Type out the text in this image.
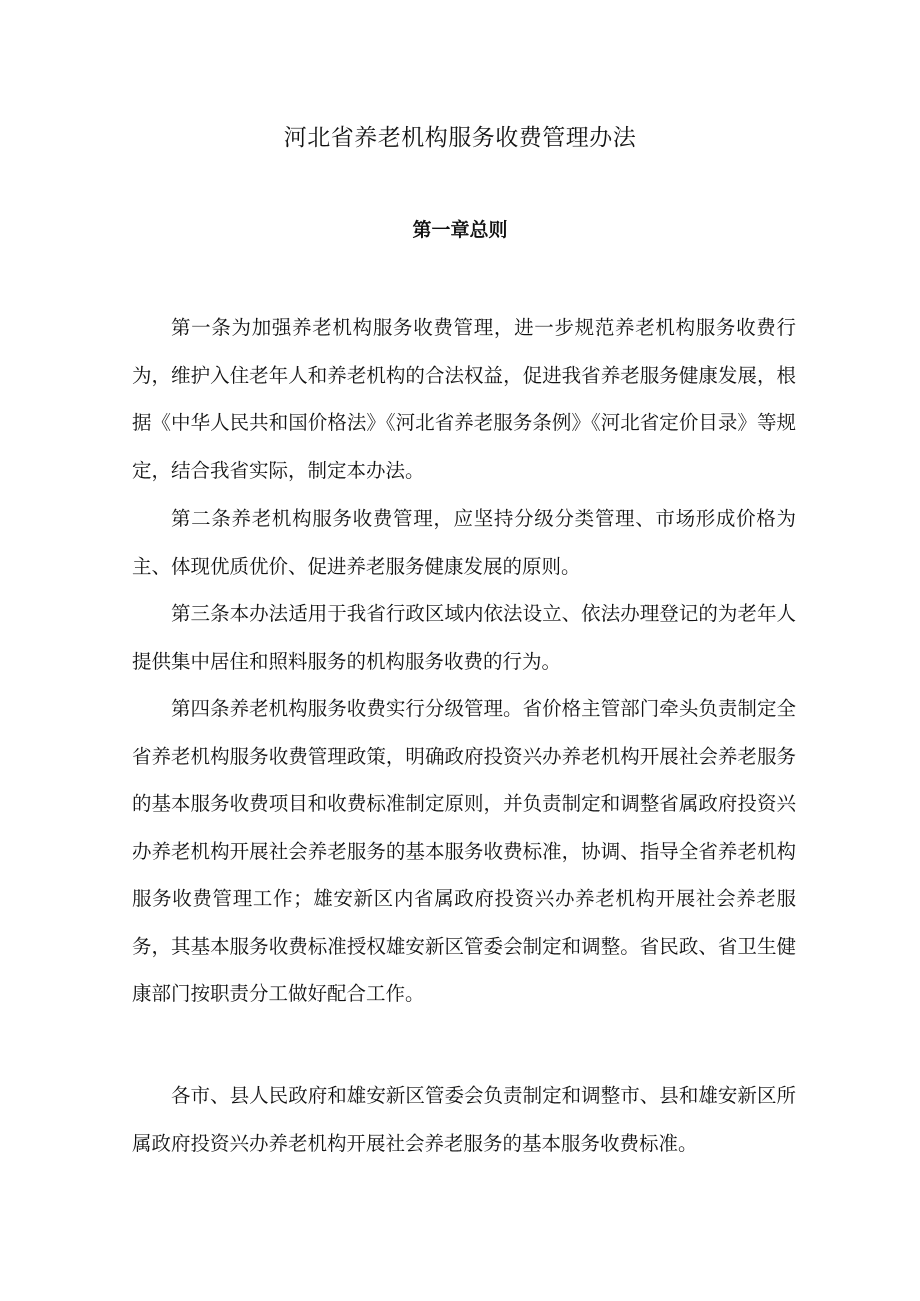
河北省养老机构服务收费管理办法
第一章总则

第一条为加强养老机构服务收费管理，进一步规范养老机构服务收费行为，维护入住老年人和养老机构的合法权益，促进我省养老服务健康发展，根据《中华人民共和国价格法》《河北省养老服务条例》《河北省定价目录》等规定，结合我省实际，制定本办法。

第二条养老机构服务收费管理，应坚持分级分类管理、市场形成价格为主、体现优质优价、促进养老服务健康发展的原则。

第三条本办法适用于我省行政区域内依法设立、依法办理登记的为老年人提供集中居住和照料服务的机构服务收费的行为。

第四条养老机构服务收费实行分级管理。省价格主管部门牵头负责制定全省养老机构服务收费管理政策，明确政府投资兴办养老机构开展社会养老服务的基本服务收费项目和收费标准制定原则，并负责制定和调整省属政府投资兴办养老机构开展社会养老服务的基本服务收费标准，协调、指导全省养老机构服务收费管理工作；雄安新区内省属政府投资兴办养老机构开展社会养老服务，其基本服务收费标准授权雄安新区管委会制定和调整。省民政、省卫生健康部门按职责分工做好配合工作。

各市、县人民政府和雄安新区管委会负责制定和调整市、县和雄安新区所属政府投资兴办养老机构开展社会养老服务的基本服务收费标准。
